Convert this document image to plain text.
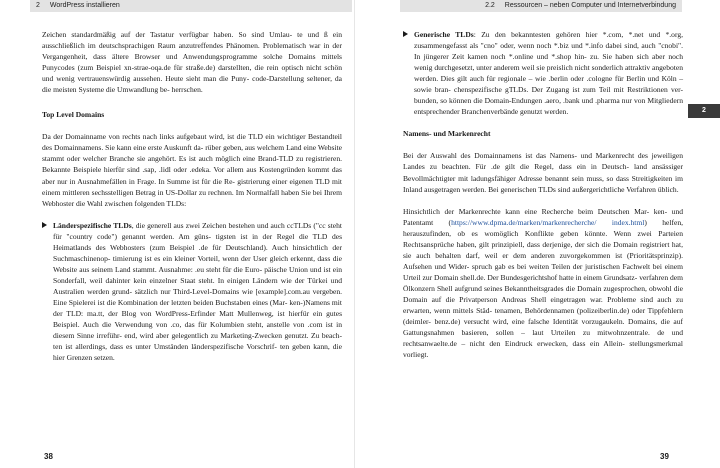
2 WordPress installieren

Zeichen standardmäßig auf der Tastatur verfügbar haben. So sind Umlau- te und ß ein ausschließlich im deutschsprachigen Raum anzutreffendes Phänomen. Problematisch war in der Vergangenheit, dass ältere Browser und Anwendungsprogramme solche Domains mittels Punycodes (zum Beispiel xn-strae-oqa.de für straße.de) darstellten, die rein optisch nicht schön und wenig vertrauenswürdig aussehen. Heute sieht man die Puny- code-Darstellung seltener, da die meisten Systeme die Umwandlung be- herrschen.

Top Level Domains

Da der Domainname von rechts nach links aufgebaut wird, ist die TLD ein wichtiger Bestandteil des Domainnamens. Sie kann eine erste Auskunft da- rüber geben, aus welchem Land eine Website stammt oder welcher Branche sie angehört. Es ist auch möglich eine Brand-TLD zu registrieren. Bekannte Beispiele hierfür sind .sap, .lidl oder .edeka. Vor allem aus Kostengründen kommt das aber nur in Ausnahmefällen in Frage. In Summe ist für die Re- gistrierung einer eigenen TLD mit einem mittleren sechsstelligen Betrag in US-Dollar zu rechnen. Im Normalfall haben Sie bei Ihrem Webhoster die Wahl zwischen folgenden TLDs:

Länderspezifische TLDs, die generell aus zwei Zeichen bestehen und auch ccTLDs ("cc steht für "country code") genannt werden. Am güns- tigsten ist in der Regel die TLD des Heimatlands des Webhosters (zum Beispiel .de für Deutschland). Auch hinsichtlich der Suchmaschinenop- timierung ist es ein kleiner Vorteil, wenn der User gleich erkennt, dass die Website aus seinem Land stammt. Ausnahme: .eu steht für die Euro- päische Union und ist ein Sonderfall, weil dahinter kein einzelner Staat steht. In einigen Ländern wie der Türkei und Australien werden grund- sätzlich nur Third-Level-Domains wie [example].com.au vergeben. Eine Spielerei ist die Kombination der letzten beiden Buchstaben eines (Mar- ken-)Namens mit der TLD: ma.tt, der Blog von WordPress-Erfinder Matt Mullenweg, ist hierfür ein gutes Beispiel. Auch die Verwendung von .co, das für Kolumbien steht, anstelle von .com ist in diesem Sinne irreführ- end, wird aber gelegentlich zu Marketing-Zwecken genutzt. Zu beach- ten ist allerdings, dass es unter Umständen länderspezifische Vorschrif- ten geben kann, die hier Grenzen setzen.

38
2.2 Ressourcen – neben Computer und Internetverbindung
2

Generische TLDs: Zu den bekanntesten gehören hier *.com, *.net und *.org, zusammengefasst als "cno" oder, wenn noch *.biz und *.info dabei sind, auch "cnobi". In jüngerer Zeit kamen noch *.online und *.shop hin- zu. Sie haben sich aber noch wenig durchgesetzt, unter anderem weil sie preislich nicht sonderlich attraktiv angeboten werden. Dies gilt auch für regionale – wie .berlin oder .cologne für Berlin und Köln – sowie bran- chenspezifische gTLDs. Der Zugang ist zum Teil mit Restriktionen ver- bunden, so können die Domain-Endungen .aero, .bank und .pharma nur von Mitgliedern entsprechender Branchenverbände genutzt werden.

Namens- und Markenrecht

Bei der Auswahl des Domainnamens ist das Namens- und Markenrecht des jeweiligen Landes zu beachten. Für .de gilt die Regel, dass ein in Deutsch- land ansässiger Bevollmächtigter mit ladungsfähiger Adresse benannt sein muss, so dass Streitigkeiten im Inland ausgetragen werden. Bei generischen TLDs sind außergerichtliche Verfahren üblich.

Hinsichtlich der Markenrechte kann eine Recherche beim Deutschen Mar- ken- und Patentamt (https://www.dpma.de/marken/markenrecherche/ index.html) helfen, herauszufinden, ob es womöglich Konflikte geben könnte. Wenn zwei Parteien Rechtsansprüche haben, gilt prinzipiell, dass derjenige, der sich die Domain registriert hat, sie auch behalten darf, weil er dem anderen zuvorgekommen ist (Prioritätsprinzip). Aufsehen und Wider- spruch gab es bei weiten Teilen der juristischen Fachwelt bei einem Urteil zur Domain shell.de. Der Bundesgerichtshof hatte in einem Grundsatz- verfahren dem Ölkonzern Shell aufgrund seines Bekanntheitsgrades die Domain zugesprochen, obwohl die Domain auf die Privatperson Andreas Shell eingetragen war. Probleme sind auch zu erwarten, wenn mittels Städ- tenamen, Behördennamen (polizeiberlin.de) oder Tippfehlern (deimler- benz.de) versucht wird, eine falsche Identität vorzugaukeln. Domains, die auf Gattungsnahmen basieren, sollen – laut Urteilen zu mitwohnzentrale. de und rechtsanwaelte.de – nicht den Eindruck erwecken, dass ein Allein- stellungsmerkmal vorliegt.

39
